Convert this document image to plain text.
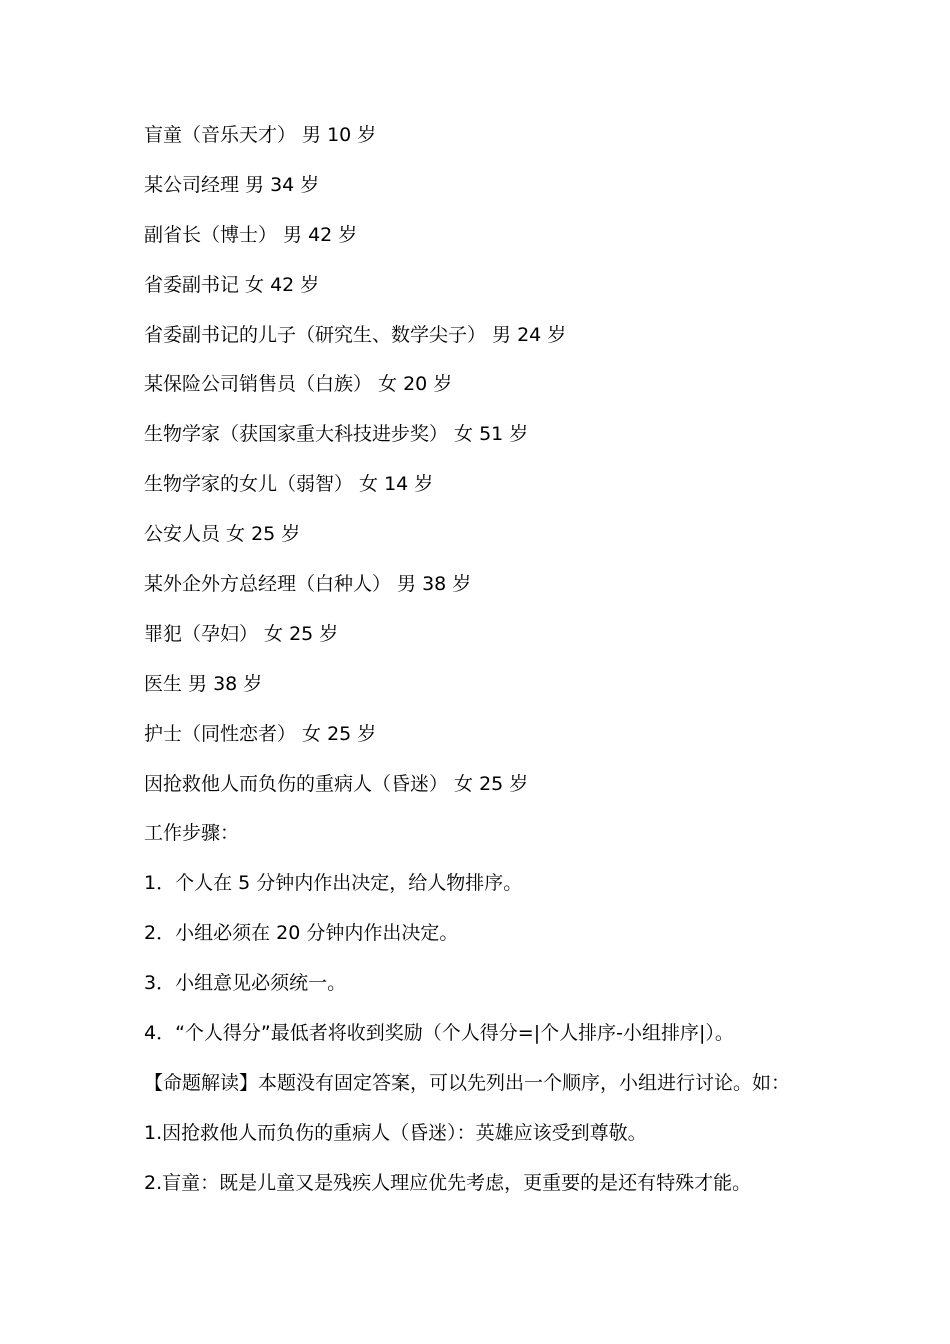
盲童（音乐天才） 男 10 岁
某公司经理 男 34 岁
副省长（博士） 男 42 岁
省委副书记 女 42 岁
省委副书记的儿子（研究生、数学尖子） 男 24 岁
某保险公司销售员（白族） 女 20 岁
生物学家（获国家重大科技进步奖） 女 51 岁
生物学家的女儿（弱智） 女 14 岁
公安人员 女 25 岁
某外企外方总经理（白种人） 男 38 岁
罪犯（孕妇） 女 25 岁
医生 男 38 岁
护士（同性恋者） 女 25 岁
因抢救他人而负伤的重病人（昏迷） 女 25 岁
工作步骤：
1．个人在 5 分钟内作出决定，给人物排序。
2．小组必须在 20 分钟内作出决定。
3．小组意见必须统一。
4．“个人得分”最低者将收到奖励（个人得分=|个人排序-小组排序|）。
【命题解读】本题没有固定答案，可以先列出一个顺序，小组进行讨论。如：
1.因抢救他人而负伤的重病人（昏迷）：英雄应该受到尊敬。
2.盲童：既是儿童又是残疾人理应优先考虑，更重要的是还有特殊才能。
